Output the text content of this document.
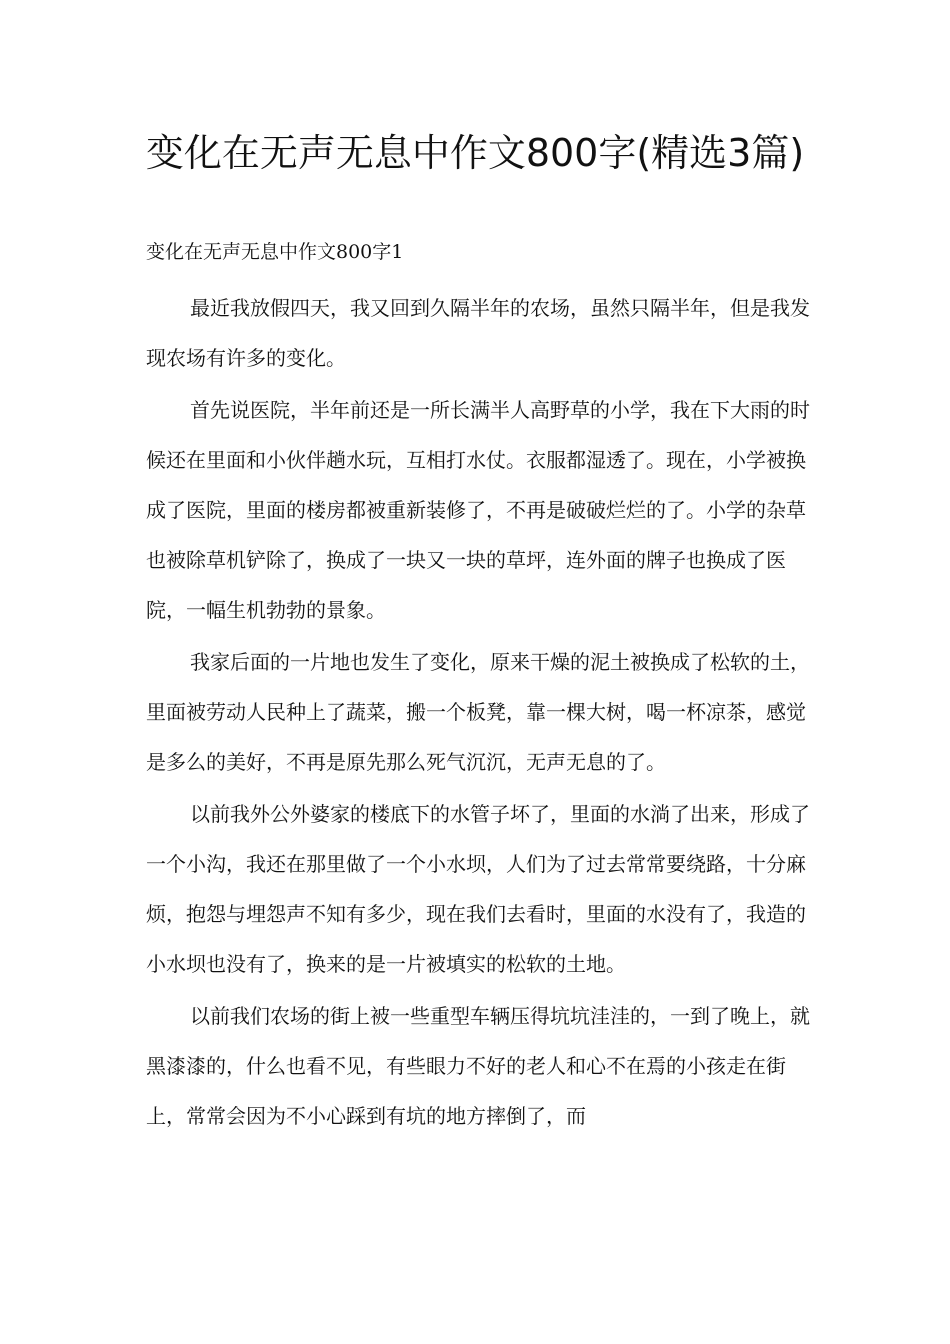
变化在无声无息中作文800字(精选3篇)
变化在无声无息中作文800字1

最近我放假四天，我又回到久隔半年的农场，虽然只隔半年，但是我发现农场有许多的变化。

首先说医院，半年前还是一所长满半人高野草的小学，我在下大雨的时候还在里面和小伙伴趟水玩，互相打水仗。衣服都湿透了。现在，小学被换成了医院，里面的楼房都被重新装修了，不再是破破烂烂的了。小学的杂草也被除草机铲除了，换成了一块又一块的草坪，连外面的牌子也换成了医院，一幅生机勃勃的景象。

我家后面的一片地也发生了变化，原来干燥的泥土被换成了松软的土，里面被劳动人民种上了蔬菜，搬一个板凳，靠一棵大树，喝一杯凉茶，感觉是多么的美好，不再是原先那么死气沉沉，无声无息的了。

以前我外公外婆家的楼底下的水管子坏了，里面的水淌了出来，形成了一个小沟，我还在那里做了一个小水坝，人们为了过去常常要绕路，十分麻烦，抱怨与埋怨声不知有多少，现在我们去看时，里面的水没有了，我造的小水坝也没有了，换来的是一片被填实的松软的土地。

以前我们农场的街上被一些重型车辆压得坑坑洼洼的，一到了晚上，就黑漆漆的，什么也看不见，有些眼力不好的老人和心不在焉的小孩走在街上，常常会因为不小心踩到有坑的地方摔倒了，而
